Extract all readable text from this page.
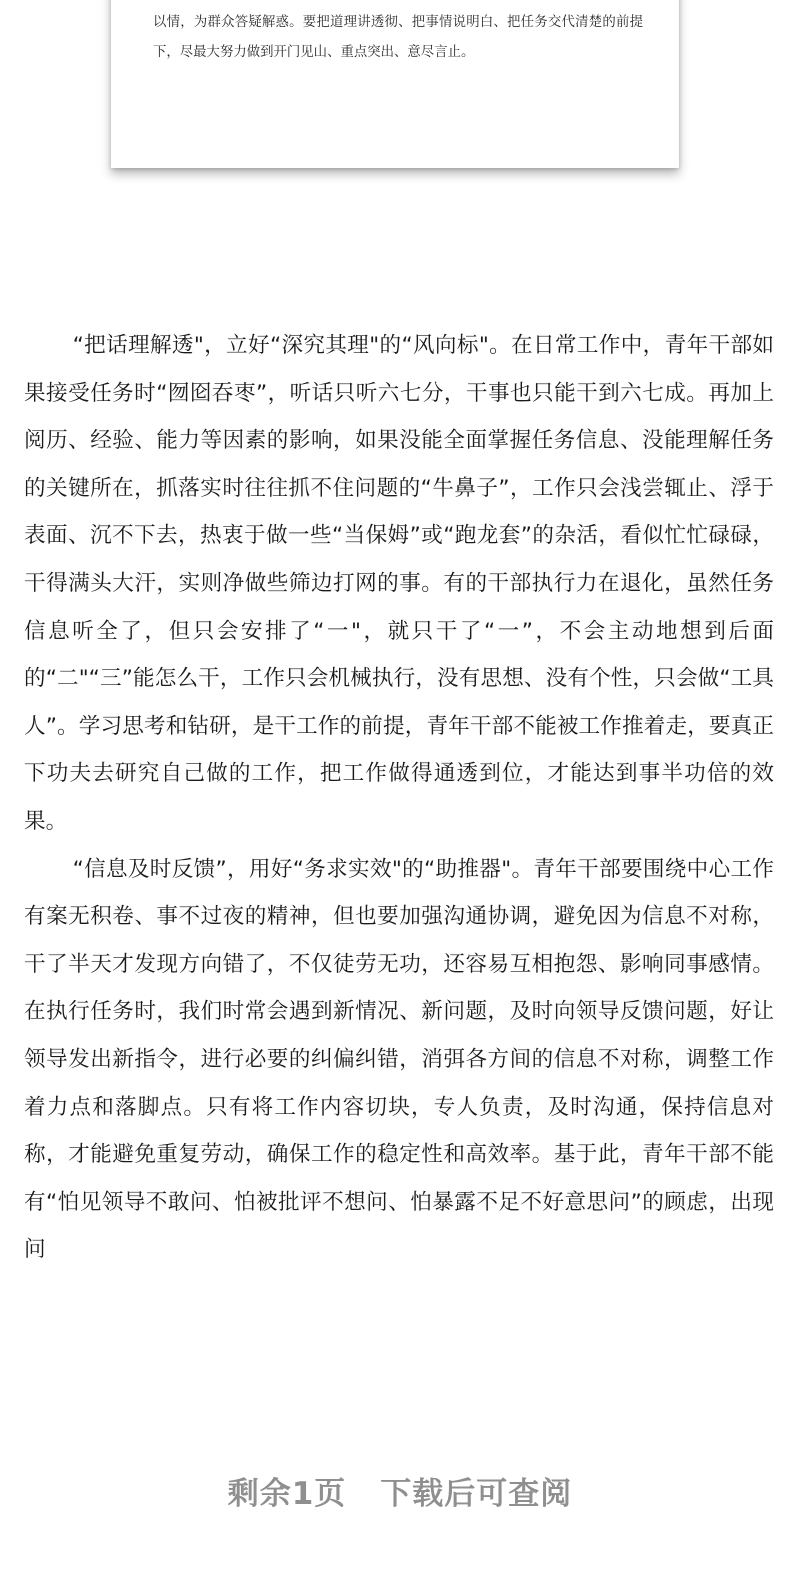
以情，为群众答疑解惑。要把道理讲透彻、把事情说明白、把任务交代清楚的前提下，尽最大努力做到开门见山、重点突出、意尽言止。

“把话理解透"，立好“深究其理"的“风向标"。在日常工作中，青年干部如果接受任务时“囫囵吞枣”，听话只听六七分，干事也只能干到六七成。再加上阅历、经验、能力等因素的影响，如果没能全面掌握任务信息、没能理解任务的关键所在，抓落实时往往抓不住问题的“牛鼻子”，工作只会浅尝辄止、浮于表面、沉不下去，热衷于做一些“当保姆”或“跑龙套”的杂活，看似忙忙碌碌，干得满头大汗，实则净做些筛边打网的事。有的干部执行力在退化，虽然任务信息听全了，但只会安排了“一"，就只干了“一”，不会主动地想到后面的“二"“三”能怎么干，工作只会机械执行，没有思想、没有个性，只会做“工具人”。学习思考和钻研，是干工作的前提，青年干部不能被工作推着走，要真正下功夫去研究自己做的工作，把工作做得通透到位，才能达到事半功倍的效果。

“信息及时反馈”，用好“务求实效"的“助推器"。青年干部要围绕中心工作有案无积卷、事不过夜的精神，但也要加强沟通协调，避免因为信息不对称，干了半天才发现方向错了，不仅徒劳无功，还容易互相抱怨、影响同事感情。在执行任务时，我们时常会遇到新情况、新问题，及时向领导反馈问题，好让领导发出新指令，进行必要的纠偏纠错，消弭各方间的信息不对称，调整工作着力点和落脚点。只有将工作内容切块，专人负责，及时沟通，保持信息对称，才能避免重复劳动，确保工作的稳定性和高效率。基于此，青年干部不能有“怕见领导不敢问、怕被批评不想问、怕暴露不足不好意思问”的顾虑，出现问

剩余1页 下载后可查阅
